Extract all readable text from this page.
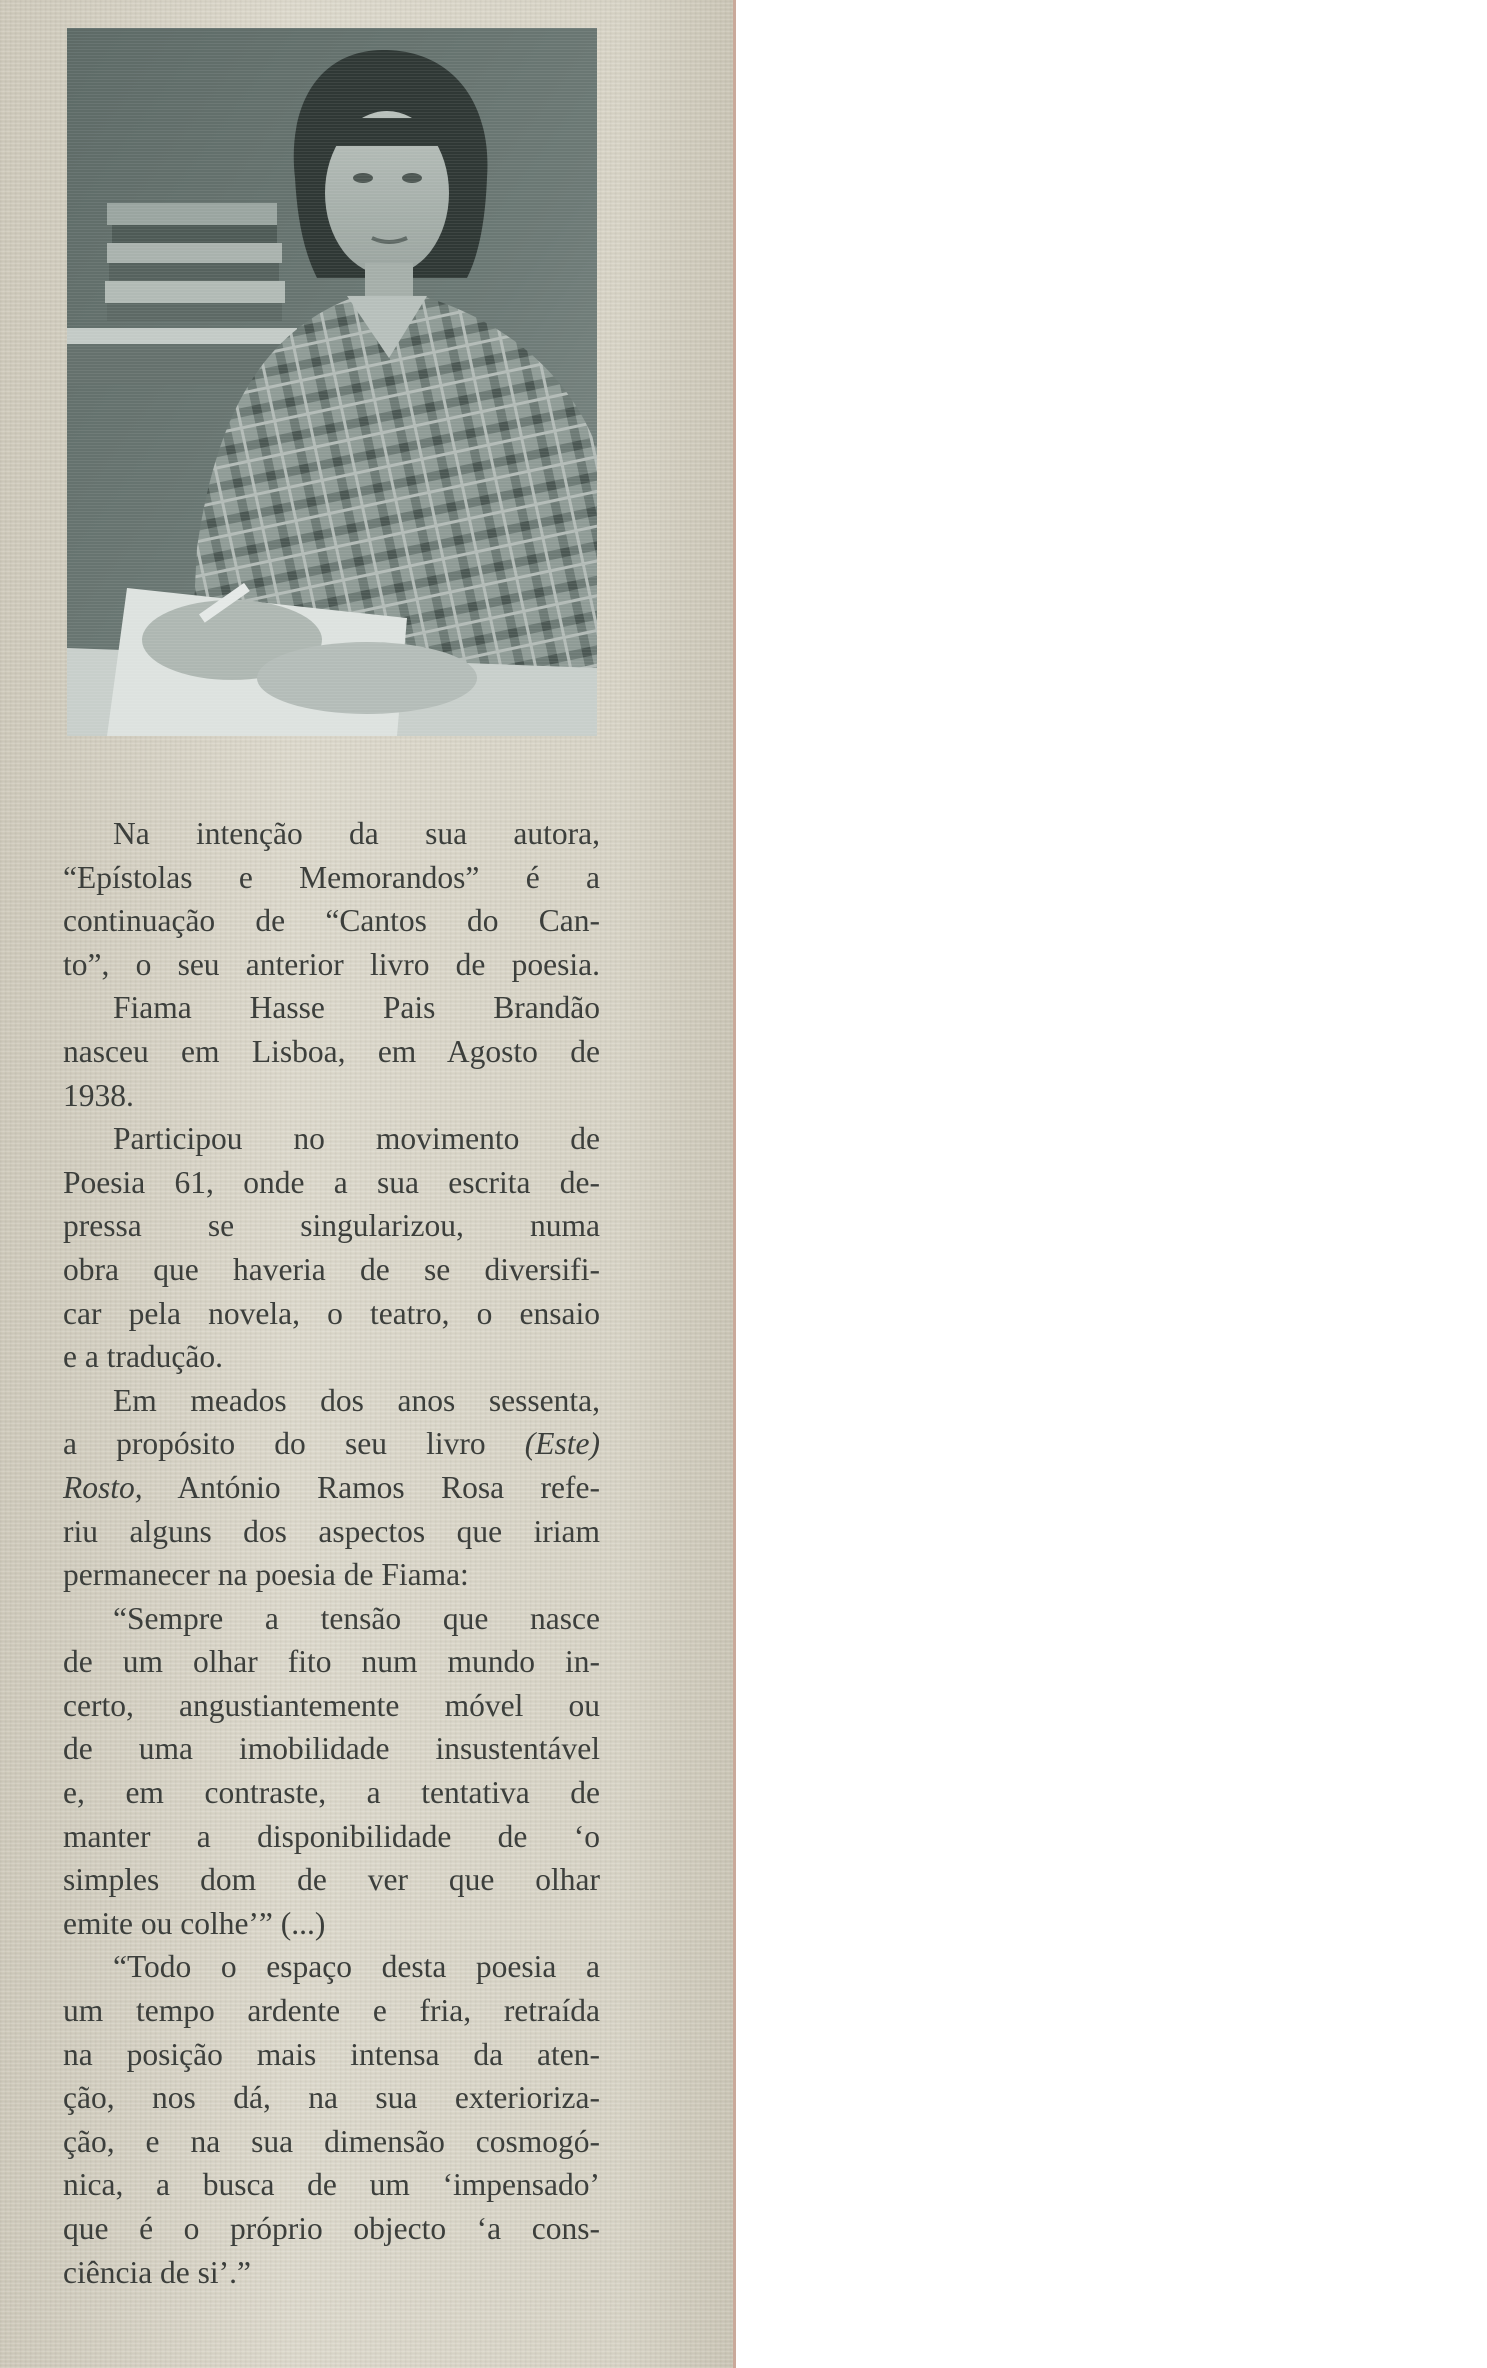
Na intenção da sua autora,
“Epístolas e Memorandos” é a
continuação de “Cantos do Can-
to”, o seu anterior livro de poesia.
Fiama Hasse Pais Brandão
nasceu em Lisboa, em Agosto de
1938.
Participou no movimento de
Poesia 61, onde a sua escrita de-
pressa se singularizou, numa
obra que haveria de se diversifi-
car pela novela, o teatro, o ensaio
e a tradução.
Em meados dos anos sessenta,
a propósito do seu livro (Este)
Rosto, António Ramos Rosa refe-
riu alguns dos aspectos que iriam
permanecer na poesia de Fiama:
“Sempre a tensão que nasce
de um olhar fito num mundo in-
certo, angustiantemente móvel ou
de uma imobilidade insustentável
e, em contraste, a tentativa de
manter a disponibilidade de ‘o
simples dom de ver que olhar
emite ou colhe’” (...)
“Todo o espaço desta poesia a
um tempo ardente e fria, retraída
na posição mais intensa da aten-
ção, nos dá, na sua exterioriza-
ção, e na sua dimensão cosmogó-
nica, a busca de um ‘impensado’
que é o próprio objecto ‘a cons-
ciência de si’.”
